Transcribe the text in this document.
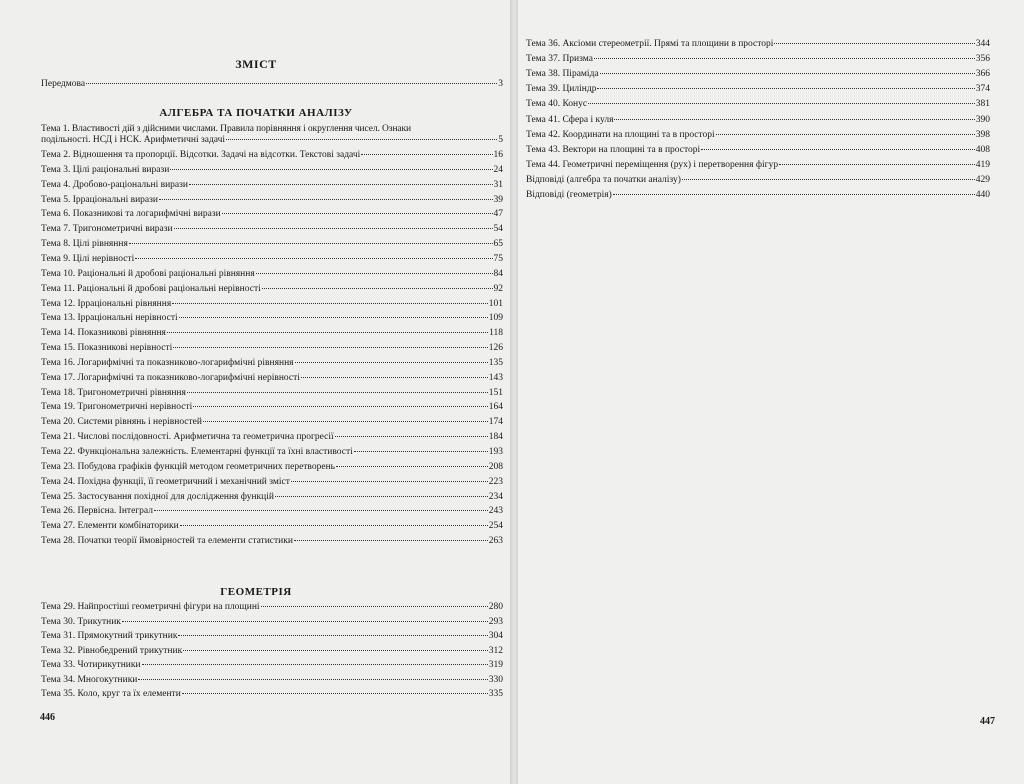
ЗМІСТ
Передмова	3
АЛГЕБРА ТА ПОЧАТКИ АНАЛІЗУ
Тема 1. Властивості дій з дійсними числами. Правила порівняння і округлення чисел. Ознаки
подільності. НСД і НСК. Арифметичні задачі	5
Тема 2. Відношення та пропорції. Відсотки. Задачі на відсотки. Текстові задачі	16
Тема 3. Цілі раціональні вирази	24
Тема 4. Дробово-раціональні вирази	31
Тема 5. Ірраціональні вирази	39
Тема 6. Показникові та логарифмічні вирази	47
Тема 7. Тригонометричні вирази	54
Тема 8. Цілі рівняння	65
Тема 9. Цілі нерівності	75
Тема 10. Раціональні й дробові раціональні рівняння	84
Тема 11. Раціональні й дробові раціональні нерівності	92
Тема 12. Ірраціональні рівняння	101
Тема 13. Ірраціональні нерівності	109
Тема 14. Показникові рівняння	118
Тема 15. Показникові нерівності	126
Тема 16. Логарифмічні та показниково-логарифмічні рівняння	135
Тема 17. Логарифмічні та показниково-логарифмічні нерівності	143
Тема 18. Тригонометричні рівняння	151
Тема 19. Тригонометричні нерівності	164
Тема 20. Системи рівнянь і нерівностей	174
Тема 21. Числові послідовності. Арифметична та геометрична прогресії	184
Тема 22. Функціональна залежність. Елементарні функції та їхні властивості	193
Тема 23. Побудова графіків функцій методом геометричних перетворень	208
Тема 24. Похідна функції, її геометричний і механічний зміст	223
Тема 25. Застосування похідної для дослідження функцій	234
Тема 26. Первісна. Інтеграл	243
Тема 27. Елементи комбінаторики	254
Тема 28. Початки теорії ймовірностей та елементи статистики	263
ГЕОМЕТРІЯ
Тема 29. Найпростіші геометричні фігури на площині	280
Тема 30. Трикутник	293
Тема 31. Прямокутний трикутник	304
Тема 32. Рівнобедрений трикутник	312
Тема 33. Чотирикутники	319
Тема 34. Многокутники	330
Тема 35. Коло, круг та їх елементи	335
446
Тема 36. Аксіоми стереометрії. Прямі та площини в просторі	344
Тема 37. Призма	356
Тема 38. Піраміда	366
Тема 39. Циліндр	374
Тема 40. Конус	381
Тема 41. Сфера і куля	390
Тема 42. Координати на площині та в просторі	398
Тема 43. Вектори на площині та в просторі	408
Тема 44. Геометричні переміщення (рух) і перетворення фігур	419
Відповіді (алгебра та початки аналізу)	429
Відповіді (геометрія)	440
447
